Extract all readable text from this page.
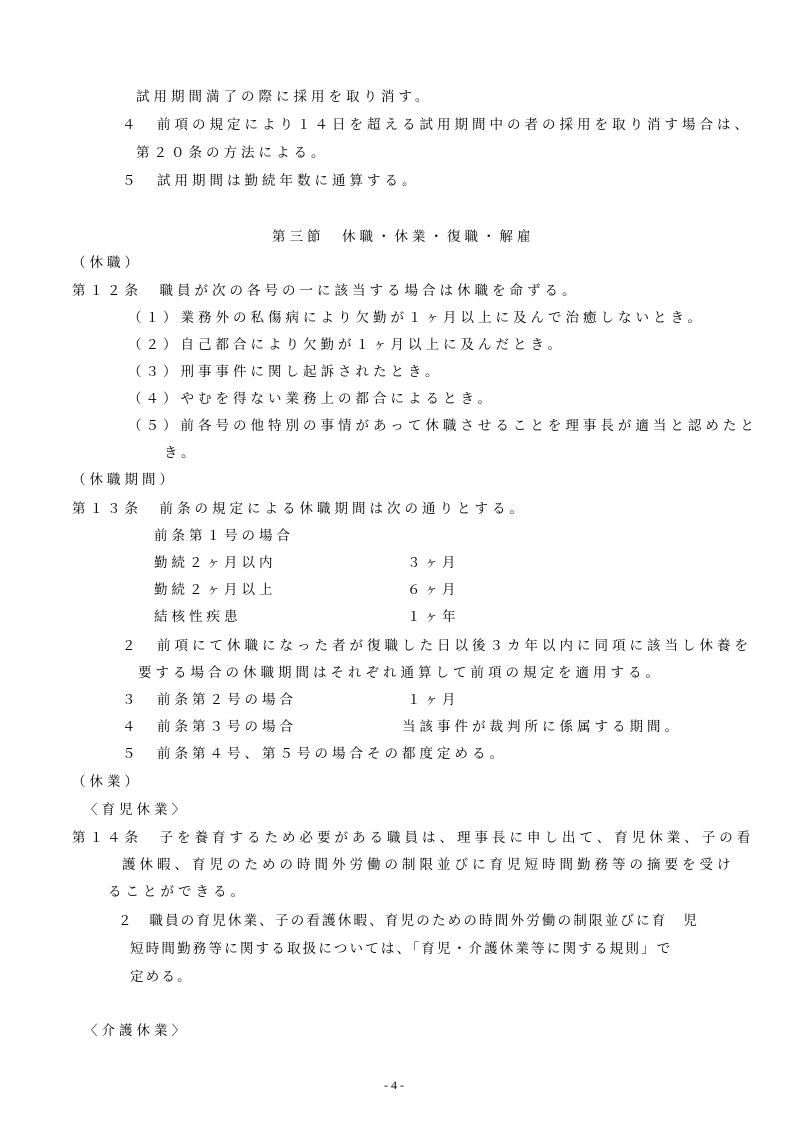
試用期間満了の際に採用を取り消す。
４　前項の規定により１４日を超える試用期間中の者の採用を取り消す場合は、
第２０条の方法による。
５　試用期間は勤続年数に通算する。
第三節　休職・休業・復職・解雇
（休職）
第１２条　職員が次の各号の一に該当する場合は休職を命ずる。
（１）業務外の私傷病により欠勤が１ヶ月以上に及んで治癒しないとき。
（２）自己都合により欠勤が１ヶ月以上に及んだとき。
（３）刑事事件に関し起訴されたとき。
（４）やむを得ない業務上の都合によるとき。
（５）前各号の他特別の事情があって休職させることを理事長が適当と認めたと
き。
（休職期間）
第１３条　前条の規定による休職期間は次の通りとする。
前条第１号の場合
勤続２ヶ月以内	３ヶ月
勤続２ヶ月以上	６ヶ月
結核性疾患	１ヶ年
２　前項にて休職になった者が復職した日以後３カ年以内に同項に該当し休養を
要する場合の休職期間はそれぞれ通算して前項の規定を適用する。
３　前条第２号の場合	１ヶ月
４　前条第３号の場合	当該事件が裁判所に係属する期間。
５　前条第４号、第５号の場合その都度定める。
（休業）
〈育児休業〉
第１４条　子を養育するため必要がある職員は、理事長に申し出て、育児休業、子の看
護休暇、育児のための時間外労働の制限並びに育児短時間勤務等の摘要を受け
ることができる。
２　職員の育児休業、子の看護休暇、育児のための時間外労働の制限並びに育　児
短時間勤務等に関する取扱については、「育児・介護休業等に関する規則」で
定める。
〈介護休業〉
- 4 -
